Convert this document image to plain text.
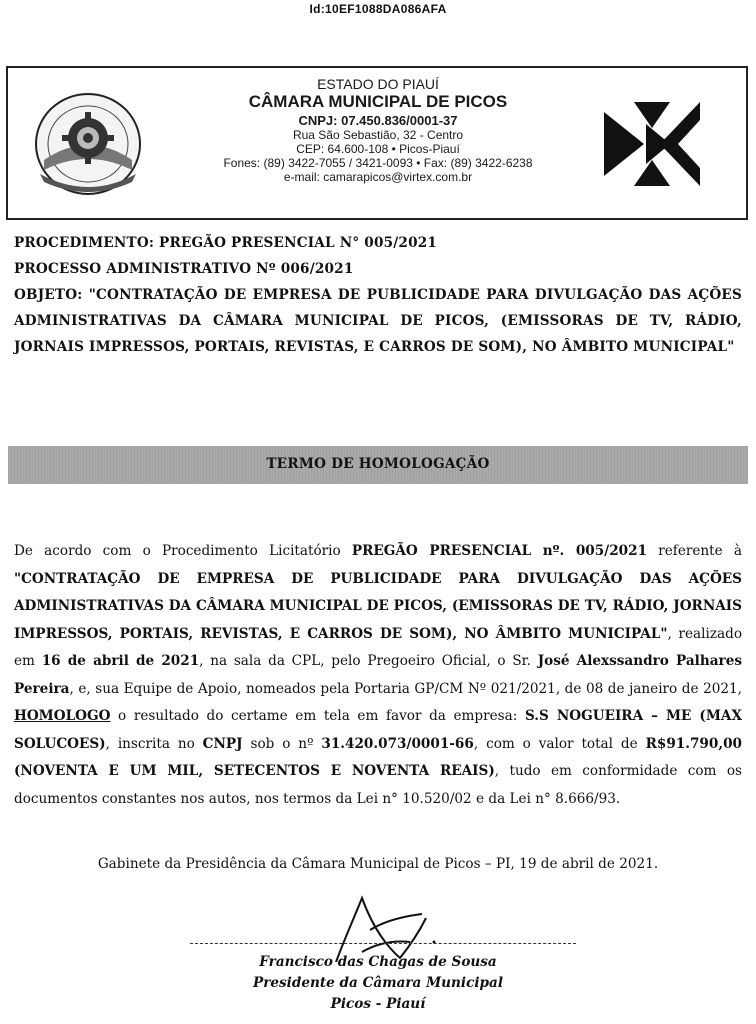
Id:10EF1088DA086AFA
ESTADO DO PIAUÍ
CÂMARA MUNICIPAL DE PICOS
CNPJ: 07.450.836/0001-37
Rua São Sebastião, 32 - Centro
CEP: 64.600-108 • Picos-Piauí
Fones: (89) 3422-7055 / 3421-0093 • Fax: (89) 3422-6238
e-mail: camarapicos@virtex.com.br
PROCEDIMENTO: PREGÃO PRESENCIAL N° 005/2021
PROCESSO ADMINISTRATIVO Nº 006/2021
OBJETO: "CONTRATAÇÃO DE EMPRESA DE PUBLICIDADE PARA DIVULGAÇÃO DAS AÇÕES ADMINISTRATIVAS DA CÂMARA MUNICIPAL DE PICOS, (EMISSORAS DE TV, RÁDIO, JORNAIS IMPRESSOS, PORTAIS, REVISTAS, E CARROS DE SOM), NO ÂMBITO MUNICIPAL"
TERMO DE HOMOLOGAÇÃO
De acordo com o Procedimento Licitatório PREGÃO PRESENCIAL nº. 005/2021 referente à "CONTRATAÇÃO DE EMPRESA DE PUBLICIDADE PARA DIVULGAÇÃO DAS AÇÕES ADMINISTRATIVAS DA CÂMARA MUNICIPAL DE PICOS, (EMISSORAS DE TV, RÁDIO, JORNAIS IMPRESSOS, PORTAIS, REVISTAS, E CARROS DE SOM), NO ÂMBITO MUNICIPAL", realizado em 16 de abril de 2021, na sala da CPL, pelo Pregoeiro Oficial, o Sr. José Alexssandro Palhares Pereira, e, sua Equipe de Apoio, nomeados pela Portaria GP/CM Nº 021/2021, de 08 de janeiro de 2021, HOMOLOGO o resultado do certame em tela em favor da empresa: S.S NOGUEIRA – ME (MAX SOLUCOES), inscrita no CNPJ sob o nº 31.420.073/0001-66, com o valor total de R$91.790,00 (NOVENTA E UM MIL, SETECENTOS E NOVENTA REAIS), tudo em conformidade com os documentos constantes nos autos, nos termos da Lei n° 10.520/02 e da Lei n° 8.666/93.
Gabinete da Presidência da Câmara Municipal de Picos – PI, 19 de abril de 2021.
Francisco das Chagas de Sousa
Presidente da Câmara Municipal
Picos - Piauí
